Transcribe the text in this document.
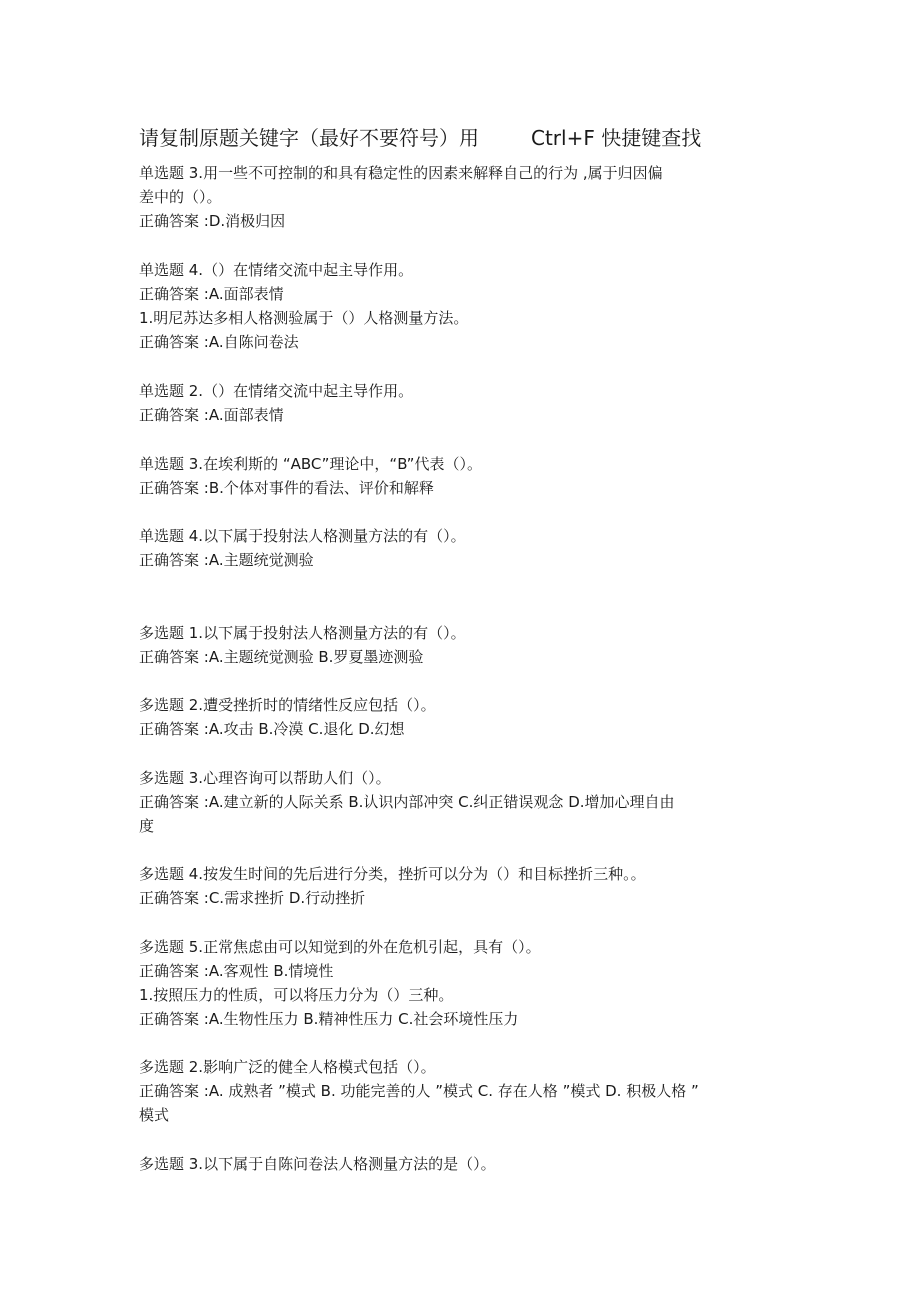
请复制原题关键字（最好不要符号）用	Ctrl+F 快捷键查找
单选题 3.用一些不可控制的和具有稳定性的因素来解释自己的行为 ,属于归因偏
差中的（）。
正确答案 :D.消极归因
单选题 4.（）在情绪交流中起主导作用。
正确答案 :A.面部表情
1.明尼苏达多相人格测验属于（）人格测量方法。
正确答案 :A.自陈问卷法
单选题 2.（）在情绪交流中起主导作用。
正确答案 :A.面部表情
单选题 3.在埃利斯的 “ABC”理论中，“B”代表（）。
正确答案 :B.个体对事件的看法、评价和解释
单选题 4.以下属于投射法人格测量方法的有（）。
正确答案 :A.主题统觉测验
多选题 1.以下属于投射法人格测量方法的有（）。
正确答案 :A.主题统觉测验 B.罗夏墨迹测验
多选题 2.遭受挫折时的情绪性反应包括（）。
正确答案 :A.攻击 B.冷漠 C.退化 D.幻想
多选题 3.心理咨询可以帮助人们（）。
正确答案 :A.建立新的人际关系 B.认识内部冲突 C.纠正错误观念 D.增加心理自由
度
多选题 4.按发生时间的先后进行分类，挫折可以分为（）和目标挫折三种。。
正确答案 :C.需求挫折 D.行动挫折
多选题 5.正常焦虑由可以知觉到的外在危机引起，具有（）。
正确答案 :A.客观性 B.情境性
1.按照压力的性质，可以将压力分为（）三种。
正确答案 :A.生物性压力 B.精神性压力 C.社会环境性压力
多选题 2.影响广泛的健全人格模式包括（）。
正确答案 :A. 成熟者 ”模式 B. 功能完善的人 ”模式 C. 存在人格 ”模式 D. 积极人格 ”
模式
多选题 3.以下属于自陈问卷法人格测量方法的是（）。
